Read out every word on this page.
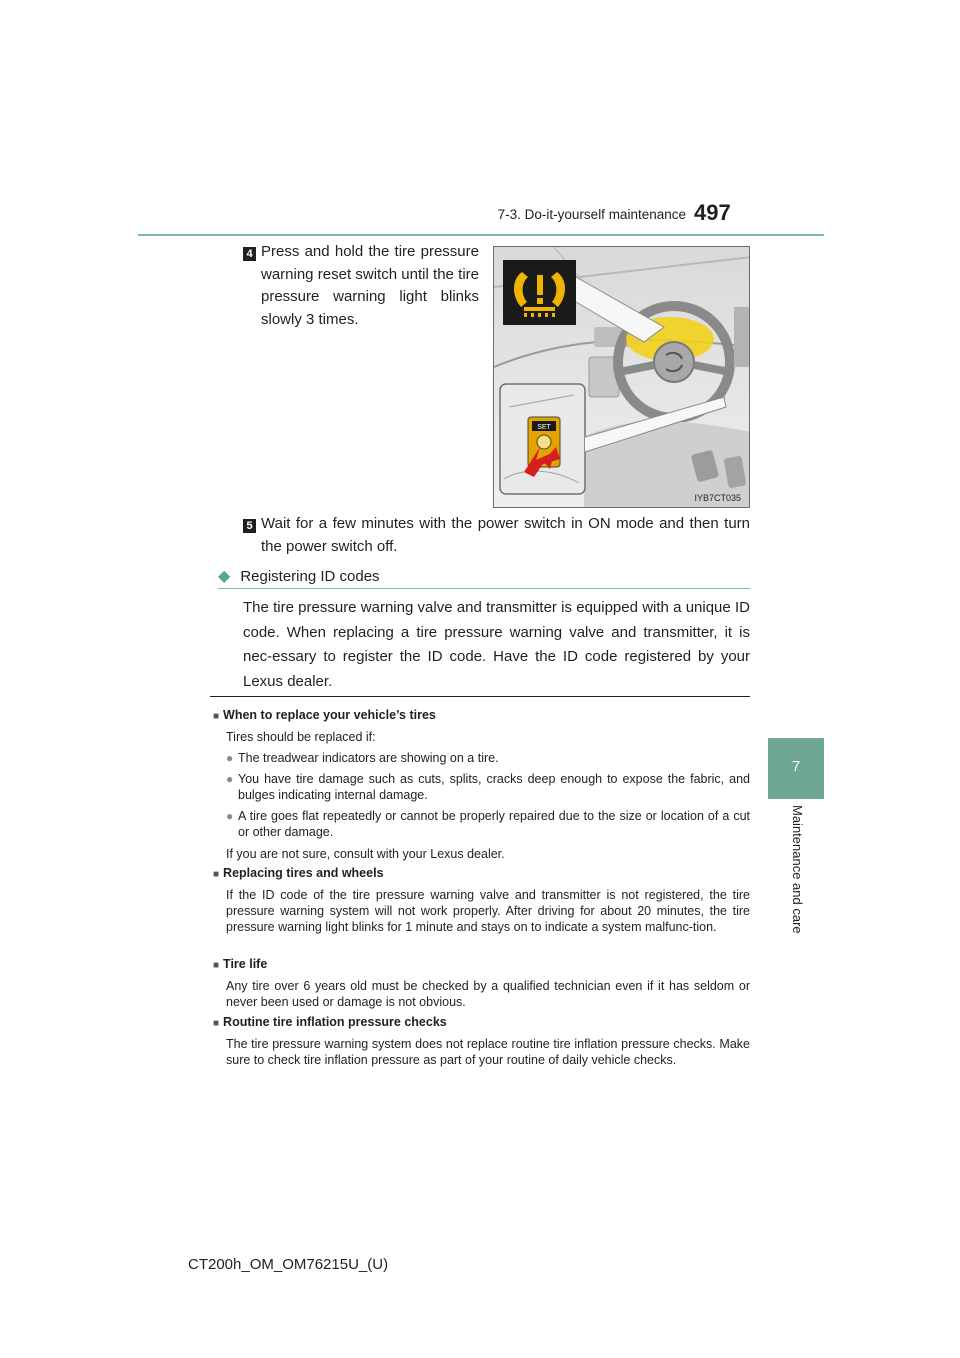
7-3. Do-it-yourself maintenance 497
7
Maintenance and care
4 Press and hold the tire pressure warning reset switch until the tire pressure warning light blinks slowly 3 times.
SET
IYB7CT035
5 Wait for a few minutes with the power switch in ON mode and then turn the power switch off.
◆ Registering ID codes
The tire pressure warning valve and transmitter is equipped with a unique ID code. When replacing a tire pressure warning valve and transmitter, it is nec-essary to register the ID code. Have the ID code registered by your Lexus dealer.
■ When to replace your vehicle’s tires
Tires should be replaced if:
● The treadwear indicators are showing on a tire.
● You have tire damage such as cuts, splits, cracks deep enough to expose the fabric, and bulges indicating internal damage.
● A tire goes flat repeatedly or cannot be properly repaired due to the size or location of a cut or other damage.
If you are not sure, consult with your Lexus dealer.
■ Replacing tires and wheels
If the ID code of the tire pressure warning valve and transmitter is not registered, the tire pressure warning system will not work properly. After driving for about 20 minutes, the tire pressure warning light blinks for 1 minute and stays on to indicate a system malfunc-tion.
■ Tire life
Any tire over 6 years old must be checked by a qualified technician even if it has seldom or never been used or damage is not obvious.
■ Routine tire inflation pressure checks
The tire pressure warning system does not replace routine tire inflation pressure checks. Make sure to check tire inflation pressure as part of your routine of daily vehicle checks.
CT200h_OM_OM76215U_(U)
